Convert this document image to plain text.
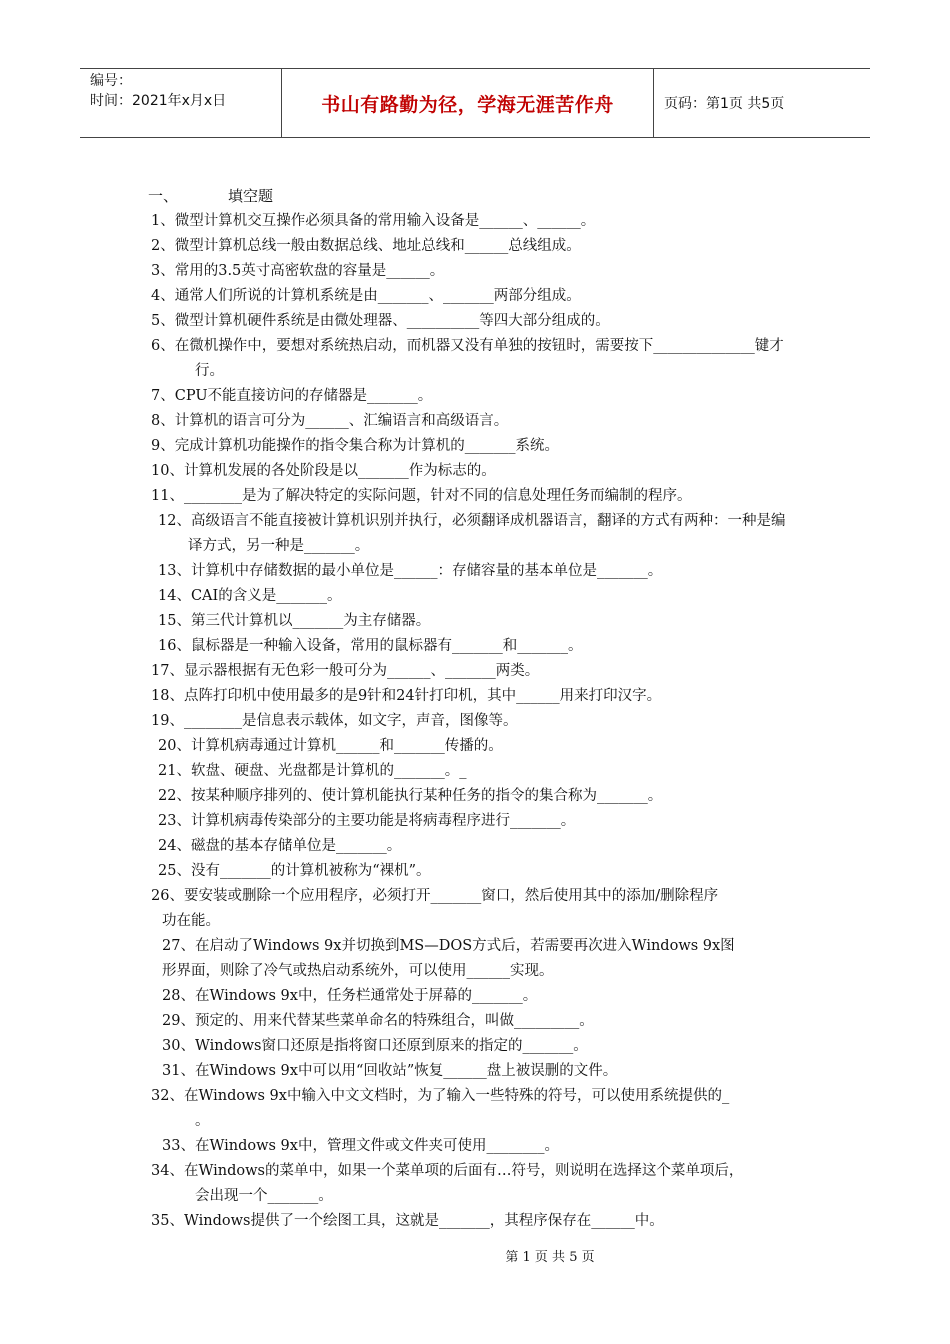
编号：
时间：2021年x月x日	书山有路勤为径，学海无涯苦作舟	页码：第1页 共5页
一、	填空题
1、微型计算机交互操作必须具备的常用输入设备是______、______。
2、微型计算机总线一般由数据总线、地址总线和______总线组成。
3、常用的3.5英寸高密软盘的容量是______。
4、通常人们所说的计算机系统是由_______、_______两部分组成。
5、微型计算机硬件系统是由微处理器、__________等四大部分组成的。
6、在微机操作中，要想对系统热启动，而机器又没有单独的按钮时，需要按下______________键才
行。
7、CPU不能直接访问的存储器是_______。
8、计算机的语言可分为______、汇编语言和高级语言。
9、完成计算机功能操作的指令集合称为计算机的_______系统。
10、计算机发展的各处阶段是以_______作为标志的。
11、________是为了解决特定的实际问题，针对不同的信息处理任务而编制的程序。
12、高级语言不能直接被计算机识别并执行，必须翻译成机器语言，翻译的方式有两种：一种是编
译方式，另一种是_______。
13、计算机中存储数据的最小单位是______：存储容量的基本单位是_______。
14、CAI的含义是_______。
15、第三代计算机以_______为主存储器。
16、鼠标器是一种输入设备，常用的鼠标器有_______和_______。
17、显示器根据有无色彩一般可分为______、_______两类。
18、点阵打印机中使用最多的是9针和24针打印机，其中______用来打印汉字。
19、________是信息表示载体，如文字，声音，图像等。
20、计算机病毒通过计算机______和_______传播的。
21、软盘、硬盘、光盘都是计算机的_______。_
22、按某种顺序排列的、使计算机能执行某种任务的指令的集合称为_______。
23、计算机病毒传染部分的主要功能是将病毒程序进行_______。
24、磁盘的基本存储单位是_______。
25、没有_______的计算机被称为“裸机”。
26、要安装或删除一个应用程序，必须打开_______窗口，然后使用其中的添加/删除程序
功在能。
27、在启动了Windows 9x并切换到MS—DOS方式后，若需要再次进入Windows 9x图
形界面，则除了冷气或热启动系统外，可以使用______实现。
28、在Windows 9x中，任务栏通常处于屏幕的_______。
29、预定的、用来代替某些菜单命名的特殊组合，叫做_________。
30、Windows窗口还原是指将窗口还原到原来的指定的_______。
31、在Windows 9x中可以用“回收站”恢复______盘上被误删的文件。
32、在Windows 9x中输入中文文档时，为了输入一些特殊的符号，可以使用系统提供的_
。
33、在Windows 9x中，管理文件或文件夹可使用________。
34、在Windows的菜单中，如果一个菜单项的后面有…符号，则说明在选择这个菜单项后，
会出现一个_______。
35、Windows提供了一个绘图工具，这就是_______，其程序保存在______中。
第 1 页 共 5 页
